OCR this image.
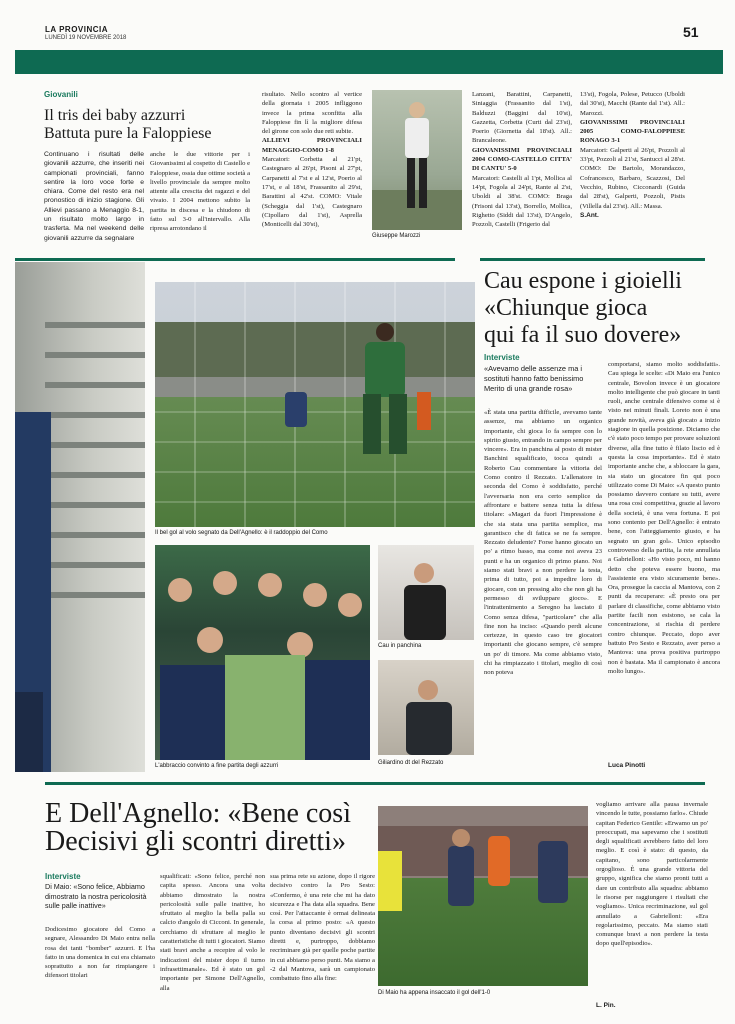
LA PROVINCIA
LUNEDÌ 19 NOVEMBRE 2018	51
Giovanili
Il tris dei baby azzurri
Battuta pure la Faloppiese
Continuano i risultati delle giovanili azzurre, che inseriti nei campionati provinciali, fanno sentire la loro voce forte e chiara. Come del resto era nel pronostico di inizio stagione. Gli Allievi passano a Menaggio 8-1, un risultato molto largo in trasferta. Ma nel weekend delle giovanili azzurre da segnalare
anche le due vittorie per i Giovanissimi al cospetto di Castello e Faloppiese, ossia due ottime società a livello provinciale da sempre molto attente alla crescita dei ragazzi e del vivaio. I 2004 mettono subito la partita in discesa e la chiudono di fatto sul 3-0 all'intervallo. Alla ripresa arrotondano il
risultato. Nello scontro al vertice della giornata i 2005 infliggono invece la prima sconfitta alla Faloppiese fin lì la migliore difesa del girone con solo due reti subite.
ALLIEVI PROVINCIALI MENAGGIO-COMO 1-8
Marcatori: Corbetta al 21'pt, Castegnaro al 26'pt, Pisoni al 27'pt, Carpanetti al 7'st e al 12'st, Poerio al 17'st, e al 18'st, Frassanito al 29'st, Barattini al 42'st. COMO: Vitale (Scheggia dal 1'st), Castegnaro (Cipollaro dal 1'st), Asprella (Monticelli dal 30'st),
Giuseppe Marozzi
Lanzani, Barattini, Carpanetti, Siniaggia (Frassanito dal 1'st), Balduzzi (Baggini dal 10'st), Gazzetta, Corbetta (Curti dal 23'st), Poerio (Giornetta dal 18'st). All.: Brancaleone.
GIOVANISSIMI PROVINCIALI 2004 COMO-CASTELLO CITTA' DI CANTU' 5-0
Marcatori: Castelli al 1'pt, Mollica al 14'pt, Fogola al 24'pt, Rante al 2'st, Uboldi al 38'st. COMO: Braga (Frisoni dal 13'st), Borrello, Mollica, Righetto (Siddi dal 13'st), D'Angelo, Pozzoli, Castelli (Frigerio dal
13'st), Fogola, Polese, Petucco (Uboldi dal 30'st), Macchi (Rante dal 1'st). All.: Marozzi.
GIOVANISSIMI PROVINCIALI 2005 COMO-FALOPPIESE RONAGO 3-1
Marcatori: Galperti al 26'pt, Pozzoli al 33'pt, Pozzoli al 21'st, Santucci al 28'st. COMO: De Bartolo, Morandazzo, Cofrancesco, Barbaro, Scazzosi, Del Vecchio, Rubino, Cicconardi (Guida dal 28'st), Galperti, Pozzoli, Pistis (Villella dal 23'st). All.: Massa.
S.Ant.
Il bel gol al volo segnato da Dell'Agnello: è il raddoppio del Como
Cau espone i gioielli
«Chiunque gioca
qui fa il suo dovere»
Interviste
«Avevamo delle assenze ma i sostituti hanno fatto benissimo Merito di una grande rosa»
«È stata una partita difficile, avevamo tante assenze, ma abbiamo un organico importante, chi gioca lo fa sempre con lo spirito giusto, entrando in campo sempre per vincere». Era in panchina al posto di mister Banchini squalificato, tocca quindi a Roberto Cau commentare la vittoria del Como contro il Rezzato. L'allenatore in seconda del Como è soddisfatto, perché l'avversaria non era certo semplice da affrontare e battere senza tutta la difesa titolare: «Magari da fuori l'impressione è che sia stata una partita semplice, ma garantisco che di fatica se ne fa sempre. Rezzato deludente? Forse hanno giocato un po' a ritmo basso, ma come noi aveva 23 punti e ha un organico di primo piano. Noi siamo stati bravi a non perdere la testa, prima di tutto, poi a impedire loro di giocare, con un pressing alto che non gli ha permesso di sviluppare gioco». E l'intrattenimento a Seregno ha lasciato il Como senza difesa, "particolare" che alla fine non ha inciso: «Quando perdi alcune certezze, in questo caso tre giocatori importanti che giocano sempre, c'è sempre un po' di timore. Ma come abbiamo visto, chi ha rimpiazzato i titolari, meglio di così non poteva
comportarsi, siamo molto soddisfatti». Cau spiega le scelte: «Di Maio era l'unico centrale, Bovolon invece è un giocatore molto intelligente che può giocare in tanti ruoli, anche centrale difensivo come si è visto nei minuti finali. Loreto non è una grande novità, aveva già giocato a inizio stagione in quella posizione. Diciamo che c'è stato poco tempo per provare soluzioni diverse, alla fine tutto è filato liscio ed è questa la cosa importante». Ed è stato importante anche che, a sbloccare la gara, sia stato un giocatore fin qui poco utilizzato come Di Maio: «A questo punto possiamo davvero contare su tutti, avere una rosa così competitiva, grazie al lavoro della società, è una vera fortuna. E poi sono contento per Dell'Agnello: è entrato bene, con l'atteggiamento giusto, e ha segnato un gran gol». Unico episodio controverso della partita, la rete annullata a Gabrielloni: «Ho visto poco, mi hanno detto che poteva essere buono, ma l'assistente era visto sicuramente bene». Ora, prosegue la caccia al Mantova, con 2 punti da recuperare: «È presto ora per parlare di classifiche, come abbiamo visto partite facili non esistono, se cala la concentrazione, si rischia di perdere contro chiunque. Peccato, dopo aver battuto Pro Sesto e Rezzato, aver perso a Mantova: una prova positiva purtroppo non è bastata. Ma il campionato è ancora molto lungo».
Luca Pinotti
L'abbraccio convinto a fine partita degli azzurri
Cau in panchina
Giliardino dt del Rezzato
E Dell'Agnello: «Bene così
Decisivi gli scontri diretti»
Interviste
Di Maio: «Sono felice, Abbiamo dimostrato la nostra pericolosità sulle palle inattive»
Dodicesimo giocatore del Como a segnare, Alessandro Di Maio entra nella rosa dei tanti "bomber" azzurri. E l'ha fatto in una domenica in cui era chiamato soprattutto a non far rimpiangere i difensori titolari
squalificati: «Sono felice, perché non capita spesso. Ancora una volta abbiamo dimostrato la nostra pericolosità sulle palle inattive, ho sfruttato al meglio la bella palla su calcio d'angolo di Cicconi. In generale, cerchiamo di sfruttare al meglio le caratteristiche di tutti i giocatori. Siamo stati bravi anche a recepire al volo le indicazioni del mister dopo il turno infrasettimanale». Ed è stato un gol importante per Simone Dell'Agnello, alla
sua prima rete su azione, dopo il rigore decisivo contro la Pro Sesto: «Confermo, è una rete che mi ha dato sicurezza e l'ha data alla squadra. Bene così. Per l'attaccante è ormai delineata la corsa al primo posto: «A questo punto diventano decisivi gli scontri diretti e, purtroppo, dobbiamo recriminare già per quelle poche partite in cui abbiamo perso punti. Ma siamo a -2 dal Mantova, sarà un campionato combattuto fino alla fine:
Di Maio ha appena insaccato il gol dell'1-0
vogliamo arrivare alla pausa invernale vincendo le tutte, possiamo farlo». Chiude capitan Federico Gentile: «Erwamo un po' preoccupati, ma sapevamo che i sostituti degli squalificati avrebbero fatto del loro meglio. E così è stato: di questo, da capitano, sono particolarmente orgoglioso. È una grande vittoria del gruppo, significa che siamo pronti tutti a dare un contributo alla squadra: abbiamo le risorse per raggiungere i risultati che vogliamo». Unica recriminazione, sul gol annullato a Gabrielloni: «Era regolarissimo, peccato. Ma siamo stati comunque bravi a non perdere la testa dopo quell'episodio».
L. Pin.
